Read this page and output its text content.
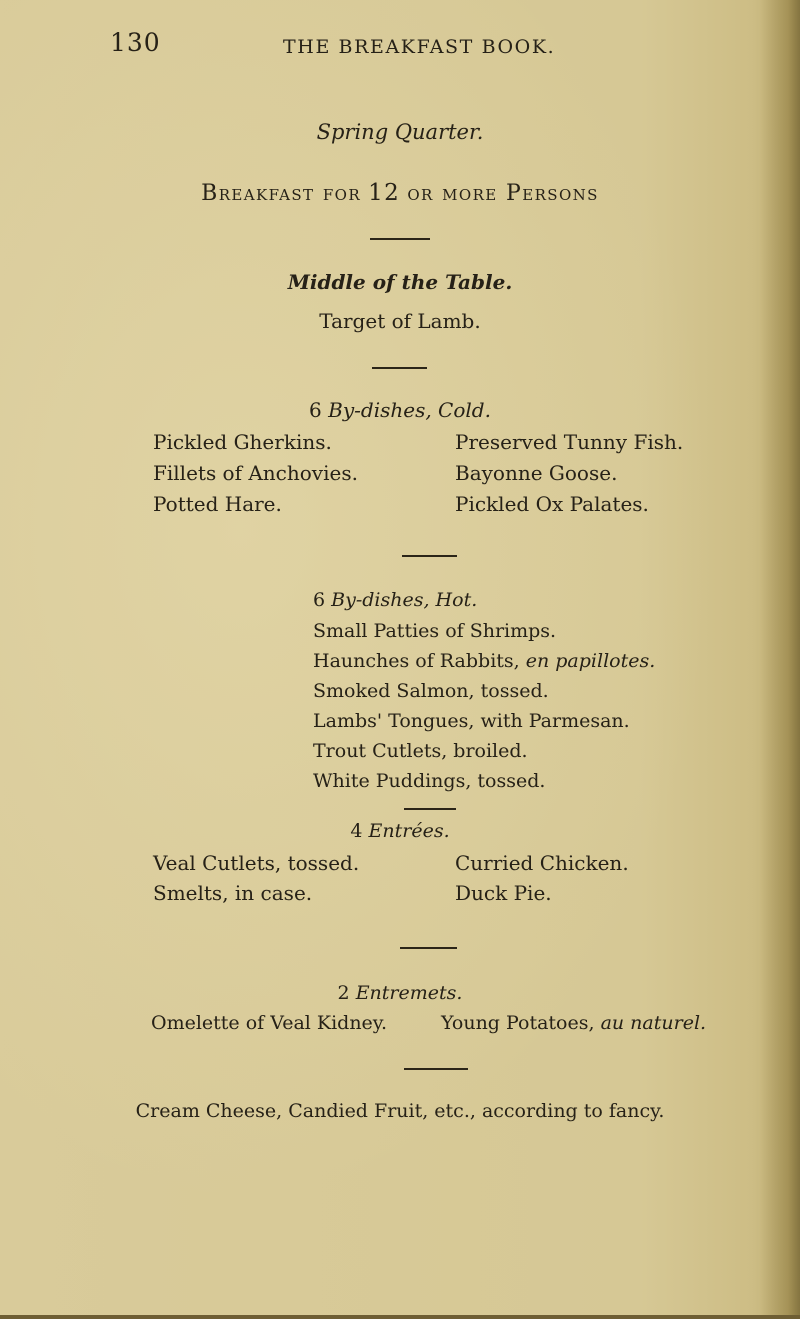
130	THE BREAKFAST BOOK.
Spring Quarter.
Breakfast for 12 or more Persons
Middle of the Table.
Target of Lamb.
6 By-dishes, Cold.
Pickled Gherkins.
Fillets of Anchovies.
Potted Hare.
Preserved Tunny Fish.
Bayonne Goose.
Pickled Ox Palates.
6 By-dishes, Hot.
Small Patties of Shrimps.
Haunches of Rabbits, en papillotes.
Smoked Salmon, tossed.
Lambs' Tongues, with Parmesan.
Trout Cutlets, broiled.
White Puddings, tossed.
4 Entrées.
Veal Cutlets, tossed.
Smelts, in case.
Curried Chicken.
Duck Pie.
2 Entremets.
Omelette of Veal Kidney.	Young Potatoes, au naturel.
Cream Cheese, Candied Fruit, etc., according to fancy.
